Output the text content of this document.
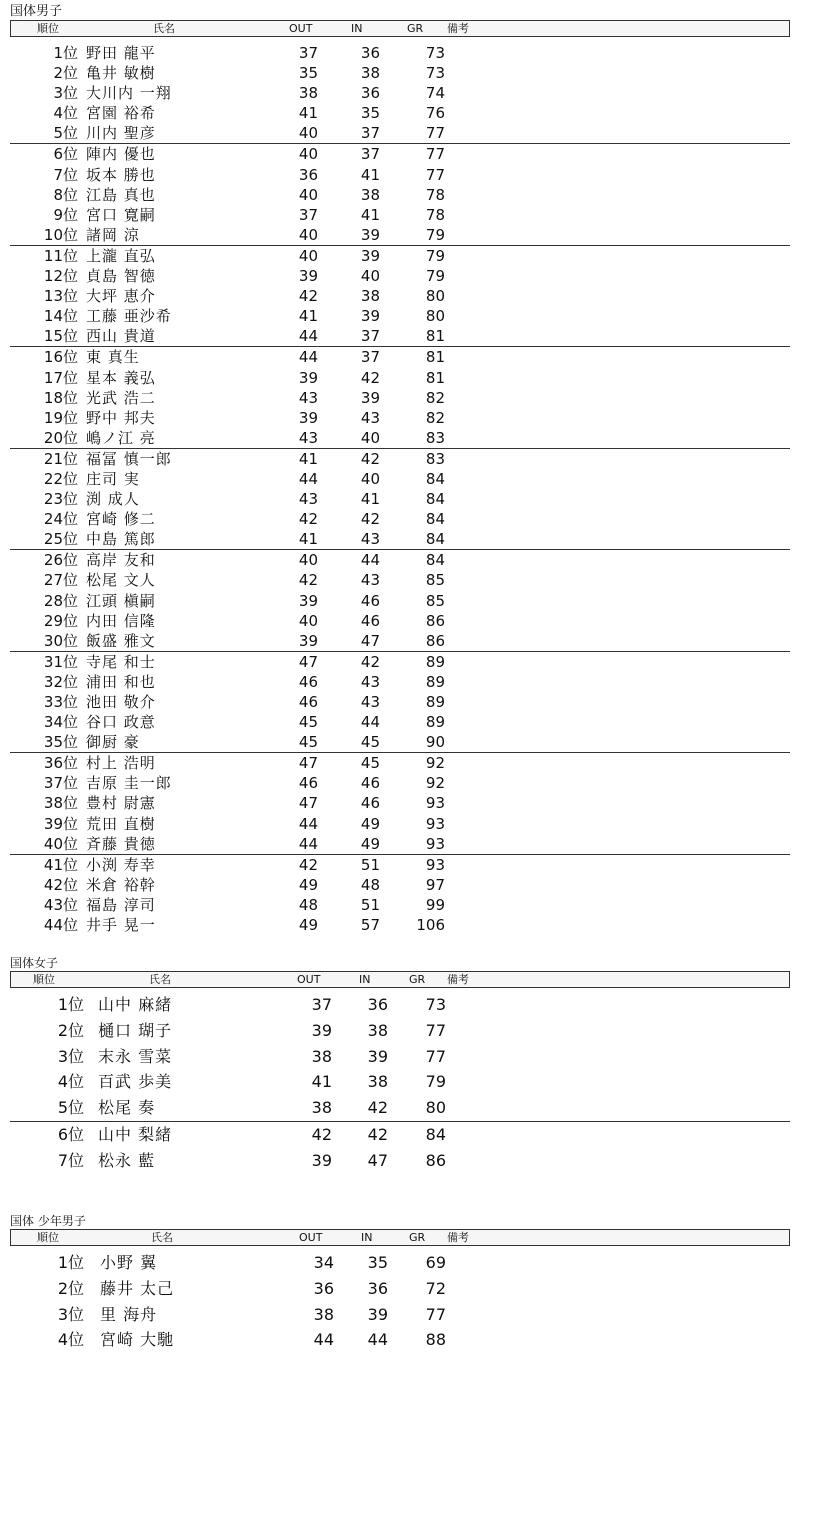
国体男子
順位	氏名	OUT	IN	GR 備考
1位 野田 龍平	37	36	73
2位 亀井 敏樹	35	38	73
3位 大川内 一翔	38	36	74
4位 宮園 裕希	41	35	76
5位 川内 聖彦	40	37	77
6位 陣内 優也	40	37	77
7位 坂本 勝也	36	41	77
8位 江島 真也	40	38	78
9位 宮口 寛嗣	37	41	78
10位 諸岡 涼	40	39	79
11位 上瀧 直弘	40	39	79
12位 貞島 智徳	39	40	79
13位 大坪 恵介	42	38	80
14位 工藤 亜沙希	41	39	80
15位 西山 貴道	44	37	81
16位 東 真生	44	37	81
17位 星本 義弘	39	42	81
18位 光武 浩二	43	39	82
19位 野中 邦夫	39	43	82
20位 嶋ノ江 亮	43	40	83
21位 福冨 慎一郎	41	42	83
22位 庄司 実	44	40	84
23位 渕 成人	43	41	84
24位 宮崎 修二	42	42	84
25位 中島 篤郎	41	43	84
26位 高岸 友和	40	44	84
27位 松尾 文人	42	43	85
28位 江頭 槇嗣	39	46	85
29位 内田 信隆	40	46	86
30位 飯盛 雅文	39	47	86
31位 寺尾 和士	47	42	89
32位 浦田 和也	46	43	89
33位 池田 敬介	46	43	89
34位 谷口 政意	45	44	89
35位 御厨 豪	45	45	90
36位 村上 浩明	47	45	92
37位 吉原 圭一郎	46	46	92
38位 豊村 尉憲	47	46	93
39位 荒田 直樹	44	49	93
40位 斉藤 貴徳	44	49	93
41位 小渕 寿幸	42	51	93
42位 米倉 裕幹	49	48	97
43位 福島 淳司	48	51	99
44位 井手 晃一	49	57 106
国体女子
順位	氏名	OUT	IN	GR 備考
1位 山中 麻緒	37 36 73
2位 樋口 瑚子	39 38 77
3位 末永 雪菜	38 39 77
4位 百武 歩美	41 38 79
5位 松尾 奏	38 42 80
6位 山中 梨緒	42 42 84
7位 松永 藍	39 47 86
国体 少年男子
順位	氏名	OUT	IN	GR 備考
1位 小野 翼	34 35 69
2位 藤井 太己	36 36 72
3位 里 海舟	38 39 77
4位 宮崎 大馳	44 44 88
